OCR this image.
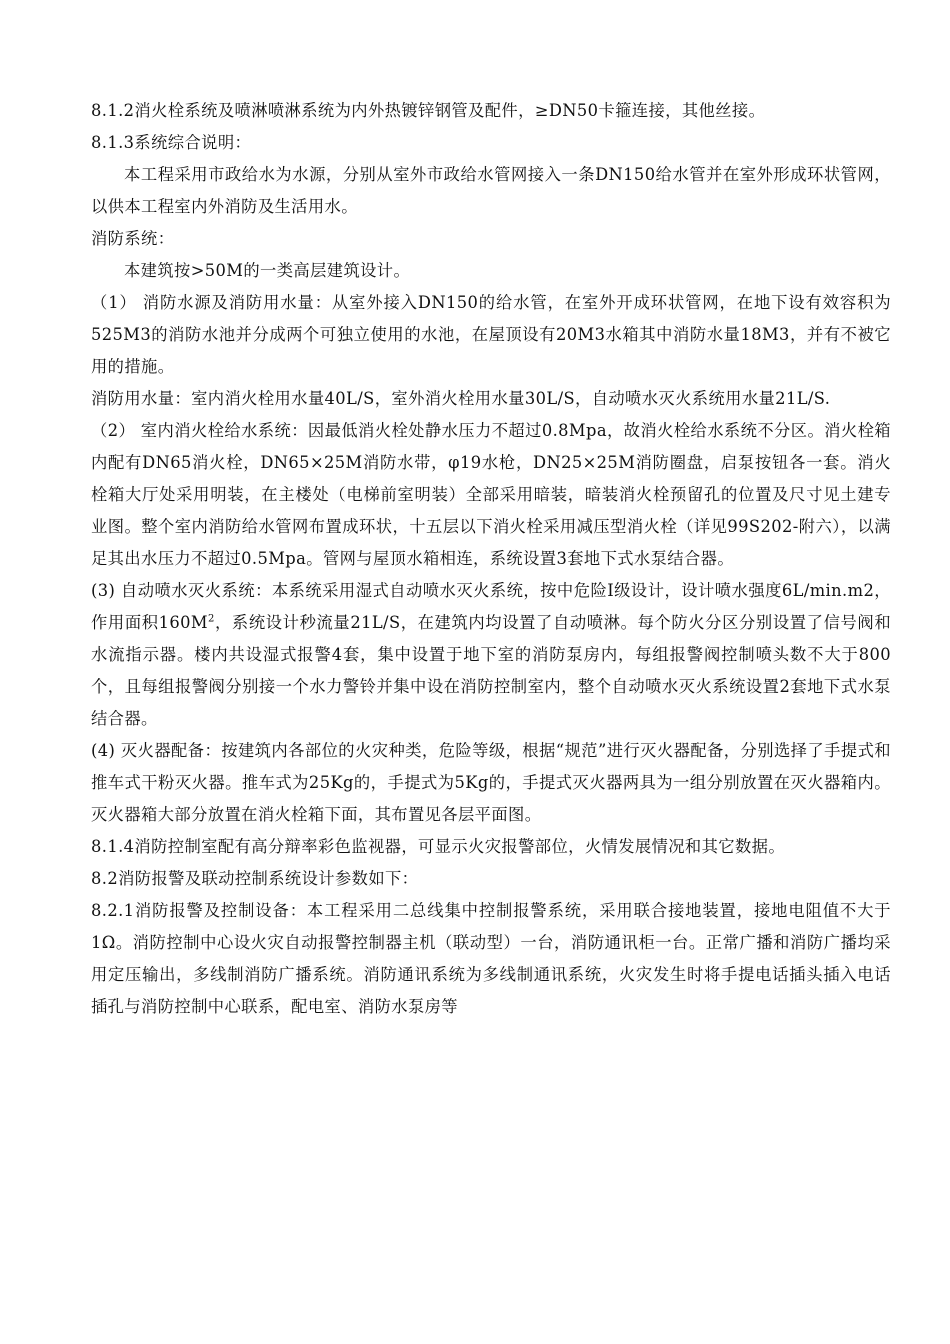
8.1.2消火栓系统及喷淋喷淋系统为内外热镀锌钢管及配件，≥DN50卡箍连接，其他丝接。

8.1.3系统综合说明：

本工程采用市政给水为水源，分别从室外市政给水管网接入一条DN150给水管并在室外形成环状管网，以供本工程室内外消防及生活用水。

消防系统：

本建筑按>50M的一类高层建筑设计。

（1） 消防水源及消防用水量：从室外接入DN150的给水管，在室外开成环状管网，在地下设有效容积为525M3的消防水池并分成两个可独立使用的水池，在屋顶设有20M3水箱其中消防水量18M3，并有不被它用的措施。

消防用水量：室内消火栓用水量40L/S，室外消火栓用水量30L/S，自动喷水灭火系统用水量21L/S.

（2） 室内消火栓给水系统：因最低消火栓处静水压力不超过0.8Mpa，故消火栓给水系统不分区。消火栓箱内配有DN65消火栓，DN65×25M消防水带，φ19水枪，DN25×25M消防圈盘，启泵按钮各一套。消火栓箱大厅处采用明装，在主楼处（电梯前室明装）全部采用暗装，暗装消火栓预留孔的位置及尺寸见土建专业图。整个室内消防给水管网布置成环状，十五层以下消火栓采用减压型消火栓（详见99S202-附六），以满足其出水压力不超过0.5Mpa。管网与屋顶水箱相连，系统设置3套地下式水泵结合器。

(3) 自动喷水灭火系统：本系统采用湿式自动喷水灭火系统，按中危险Ⅰ级设计，设计喷水强度6L/min.m2，作用面积$160M^2$，系统设计秒流量21L/S，在建筑内均设置了自动喷淋。每个防火分区分别设置了信号阀和水流指示器。楼内共设湿式报警4套，集中设置于地下室的消防泵房内，每组报警阀控制喷头数不大于800个，且每组报警阀分别接一个水力警铃并集中设在消防控制室内，整个自动喷水灭火系统设置2套地下式水泵结合器。

(4) 灭火器配备：按建筑内各部位的火灾种类，危险等级，根据“规范”进行灭火器配备，分别选择了手提式和推车式干粉灭火器。推车式为25Kg的，手提式为5Kg的，手提式灭火器两具为一组分别放置在灭火器箱内。灭火器箱大部分放置在消火栓箱下面，其布置见各层平面图。

8.1.4消防控制室配有高分辩率彩色监视器，可显示火灾报警部位，火情发展情况和其它数据。

8.2消防报警及联动控制系统设计参数如下：

8.2.1消防报警及控制设备：本工程采用二总线集中控制报警系统，采用联合接地装置，接地电阻值不大于1Ω。消防控制中心设火灾自动报警控制器主机（联动型）一台，消防通讯柜一台。正常广播和消防广播均采用定压输出，多线制消防广播系统。消防通讯系统为多线制通讯系统，火灾发生时将手提电话插头插入电话插孔与消防控制中心联系，配电室、消防水泵房等
